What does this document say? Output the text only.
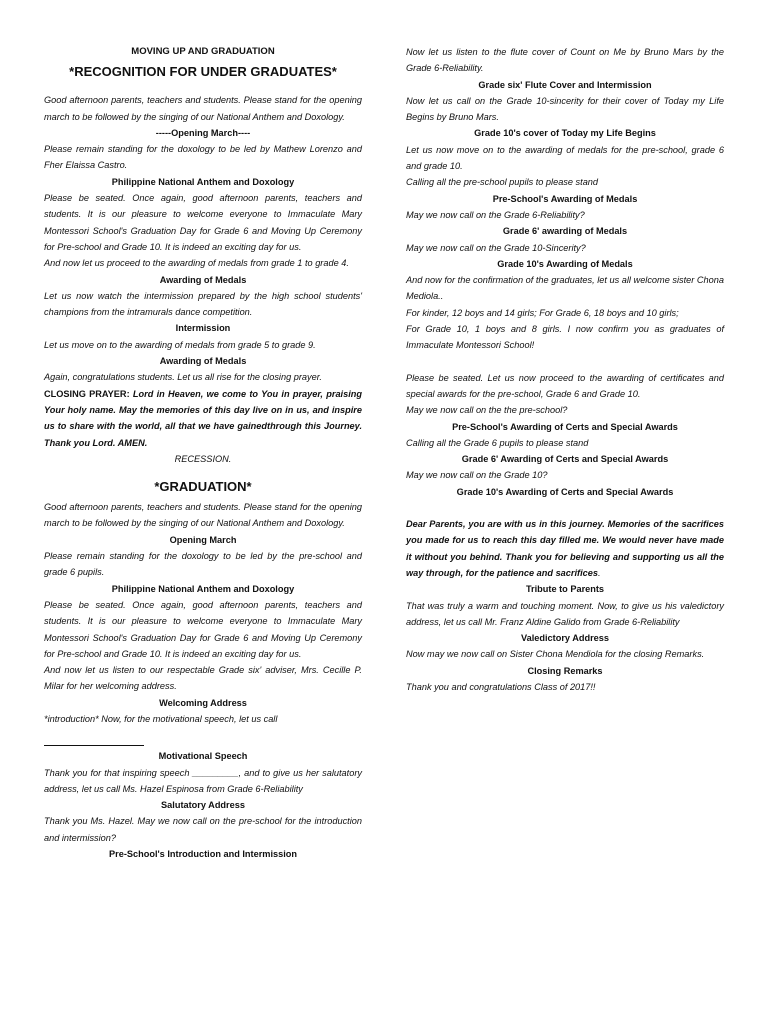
MOVING UP AND GRADUATION

*RECOGNITION FOR UNDER GRADUATES*

Good afternoon parents, teachers and students. Please stand for the opening march to be followed by the singing of our National Anthem and Doxology.

-----Opening March----

Please remain standing for the doxology to be led by Mathew Lorenzo and Fher Elaissa Castro.

Philippine National Anthem and Doxology

Please be seated. Once again, good afternoon parents, teachers and students. It is our pleasure to welcome everyone to Immaculate Mary Montessori School's Graduation Day for Grade 6 and Moving Up Ceremony for Pre-school and Grade 10. It is indeed an exciting day for us.

And now let us proceed to the awarding of medals from grade 1 to grade 4.

Awarding of Medals

Let us now watch the intermission prepared by the high school students' champions from the intramurals dance competition.

Intermission

Let us move on to the awarding of medals from grade 5 to grade 9.

Awarding of Medals

Again, congratulations students. Let us all rise for the closing prayer.

CLOSING PRAYER: Lord in Heaven, we come to You in prayer, praising Your holy name. May the memories of this day live on in us, and inspire us to share with the world, all that we have gainedthrough this Journey. Thank you Lord. AMEN.

RECESSION.

*GRADUATION*

Good afternoon parents, teachers and students. Please stand for the opening march to be followed by the singing of our National Anthem and Doxology.

Opening March

Please remain standing for the doxology to be led by the pre-school and grade 6 pupils.

Philippine National Anthem and Doxology

Please be seated. Once again, good afternoon parents, teachers and students. It is our pleasure to welcome everyone to Immaculate Mary Montessori School's Graduation Day for Grade 6 and Moving Up Ceremony for Pre-school and Grade 10. It is indeed an exciting day for us.

And now let us listen to our respectable Grade six' adviser, Mrs. Cecille P. Milar for her welcoming address.

Welcoming Address

*introduction* Now, for the motivational speech, let us call

Motivational Speech

Thank you for that inspiring speech _________, and to give us her salutatory address, let us call Ms. Hazel Espinosa from Grade 6-Reliability

Salutatory Address

Thank you Ms. Hazel. May we now call on the pre-school for the introduction and intermission?

Pre-School's Introduction and Intermission

Now let us listen to the flute cover of Count on Me by Bruno Mars by the Grade 6-Reliability.

Grade six' Flute Cover and Intermission

Now let us call on the Grade 10-sincerity for their cover of Today my Life Begins by Bruno Mars.

Grade 10's cover of Today my Life Begins

Let us now move on to the awarding of medals for the pre-school, grade 6 and grade 10.

Calling all the pre-school pupils to please stand

Pre-School's Awarding of Medals

May we now call on the Grade 6-Reliability?

Grade 6' awarding of Medals

May we now call on the Grade 10-Sincerity?

Grade 10's Awarding of Medals

And now for the confirmation of the graduates, let us all welcome sister Chona Mediola..

For kinder, 12 boys and 14 girls; For Grade 6, 18 boys and 10 girls;

For Grade 10, 1 boys and 8 girls. I now confirm you as graduates of Immaculate Montessori School!

Please be seated. Let us now proceed to the awarding of certificates and special awards for the pre-school, Grade 6 and Grade 10.

May we now call on the the pre-school?

Pre-School's Awarding of Certs and Special Awards

Calling all the Grade 6 pupils to please stand

Grade 6' Awarding of Certs and Special Awards

May we now call on the Grade 10?

Grade 10's Awarding of Certs and Special Awards

Dear Parents, you are with us in this journey. Memories of the sacrifices you made for us to reach this day filled me. We would never have made it without you behind. Thank you for believing and supporting us all the way through, for the patience and sacrifices.

Tribute to Parents

That was truly a warm and touching moment. Now, to give us his valedictory address, let us call Mr. Franz Aldine Galido from Grade 6-Reliability

Valedictory Address

Now may we now call on Sister Chona Mendiola for the closing Remarks.

Closing Remarks

Thank you and congratulations Class of 2017!!
